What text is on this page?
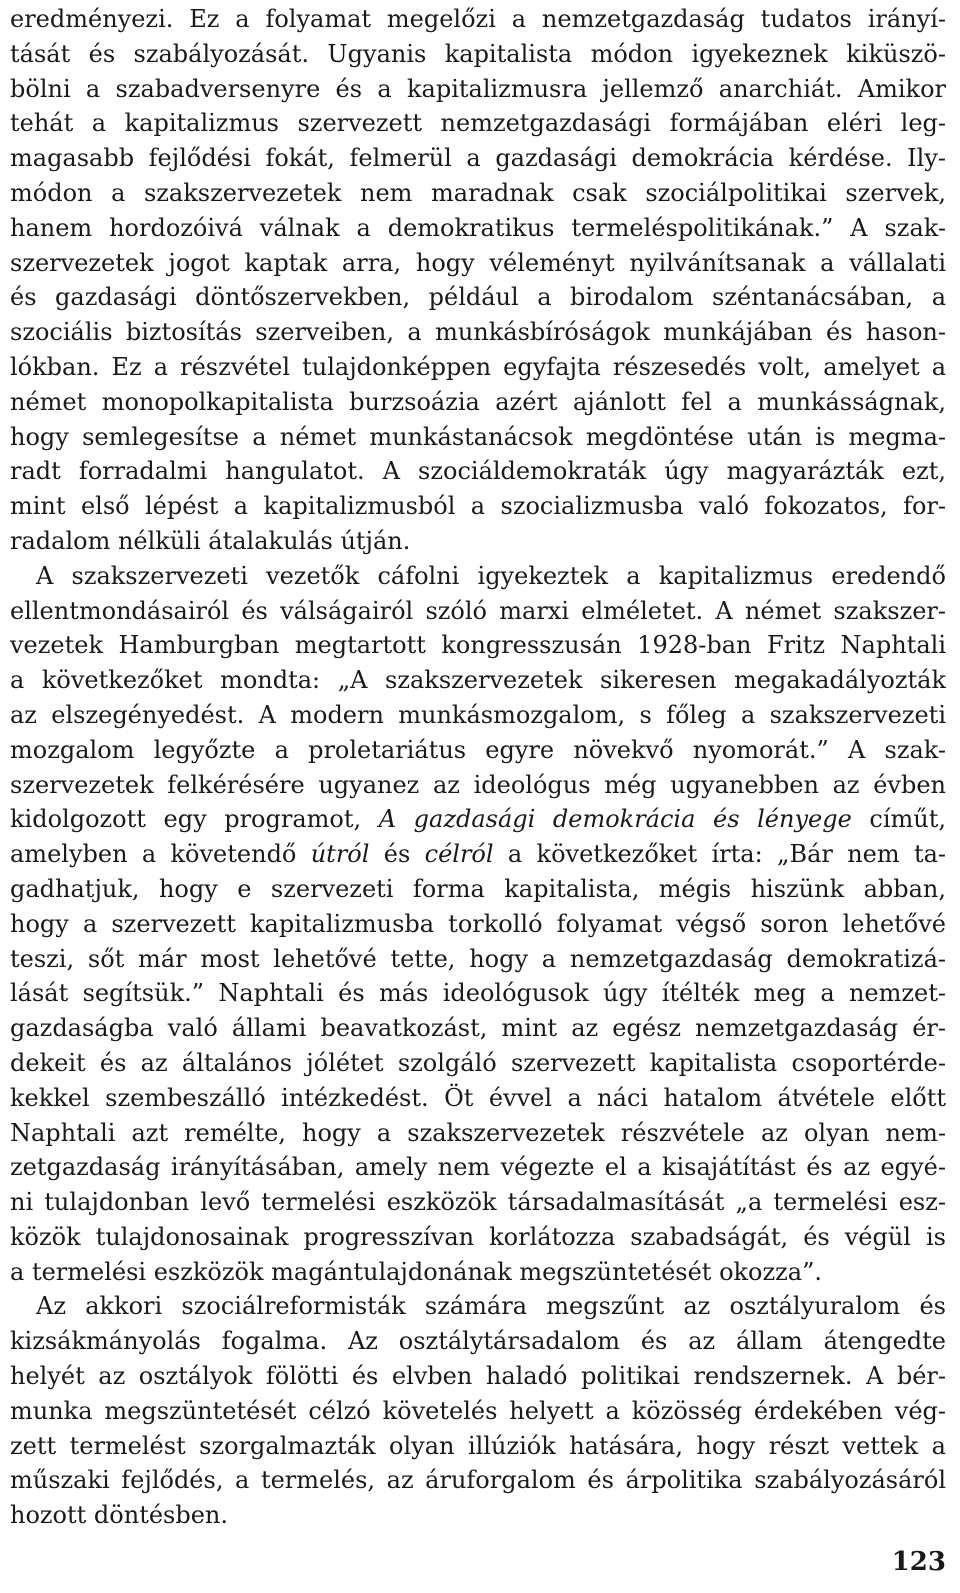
eredményezi. Ez a folyamat megelőzi a nemzetgazdaság tudatos irányí-
tását és szabályozását. Ugyanis kapitalista módon igyekeznek kiküszö-
bölni a szabadversenyre és a kapitalizmusra jellemző anarchiát. Amikor
tehát a kapitalizmus szervezett nemzetgazdasági formájában eléri leg-
magasabb fejlődési fokát, felmerül a gazdasági demokrácia kérdése. Ily-
módon a szakszervezetek nem maradnak csak szociálpolitikai szervek,
hanem hordozóivá válnak a demokratikus termeléspolitikának.” A szak-
szervezetek jogot kaptak arra, hogy véleményt nyilvánítsanak a vállalati
és gazdasági döntőszervekben, például a birodalom széntanácsában, a
szociális biztosítás szerveiben, a munkásbíróságok munkájában és hason-
lókban. Ez a részvétel tulajdonképpen egyfajta részesedés volt, amelyet a
német monopolkapitalista burzsoázia azért ajánlott fel a munkásságnak,
hogy semlegesítse a német munkástanácsok megdöntése után is megma-
radt forradalmi hangulatot. A szociáldemokraták úgy magyarázták ezt,
mint első lépést a kapitalizmusból a szocializmusba való fokozatos, for-
radalom nélküli átalakulás útján.
A szakszervezeti vezetők cáfolni igyekeztek a kapitalizmus eredendő
ellentmondásairól és válságairól szóló marxi elméletet. A német szakszer-
vezetek Hamburgban megtartott kongresszusán 1928-ban Fritz Naphtali
a következőket mondta: „A szakszervezetek sikeresen megakadályozták
az elszegényedést. A modern munkásmozgalom, s főleg a szakszervezeti
mozgalom legyőzte a proletariátus egyre növekvő nyomorát.” A szak-
szervezetek felkérésére ugyanez az ideológus még ugyanebben az évben
kidolgozott egy programot, A gazdasági demokrácia és lényege címűt,
amelyben a követendő útról és célról a következőket írta: „Bár nem ta-
gadhatjuk, hogy e szervezeti forma kapitalista, mégis hiszünk abban,
hogy a szervezett kapitalizmusba torkolló folyamat végső soron lehetővé
teszi, sőt már most lehetővé tette, hogy a nemzetgazdaság demokratizá-
lását segítsük.” Naphtali és más ideológusok úgy ítélték meg a nemzet-
gazdaságba való állami beavatkozást, mint az egész nemzetgazdaság ér-
dekeit és az általános jólétet szolgáló szervezett kapitalista csoportérde-
kekkel szembeszálló intézkedést. Öt évvel a náci hatalom átvétele előtt
Naphtali azt remélte, hogy a szakszervezetek részvétele az olyan nem-
zetgazdaság irányításában, amely nem végezte el a kisajátítást és az egyé-
ni tulajdonban levő termelési eszközök társadalmasítását „a termelési esz-
közök tulajdonosainak progresszívan korlátozza szabadságát, és végül is
a termelési eszközök magántulajdonának megszüntetését okozza”.
Az akkori szociálreformisták számára megszűnt az osztályuralom és
kizsákmányolás fogalma. Az osztálytársadalom és az állam átengedte
helyét az osztályok fölötti és elvben haladó politikai rendszernek. A bér-
munka megszüntetését célzó követelés helyett a közösség érdekében vég-
zett termelést szorgalmazták olyan illúziók hatására, hogy részt vettek a
műszaki fejlődés, a termelés, az áruforgalom és árpolitika szabályozásáról
hozott döntésben.
123
